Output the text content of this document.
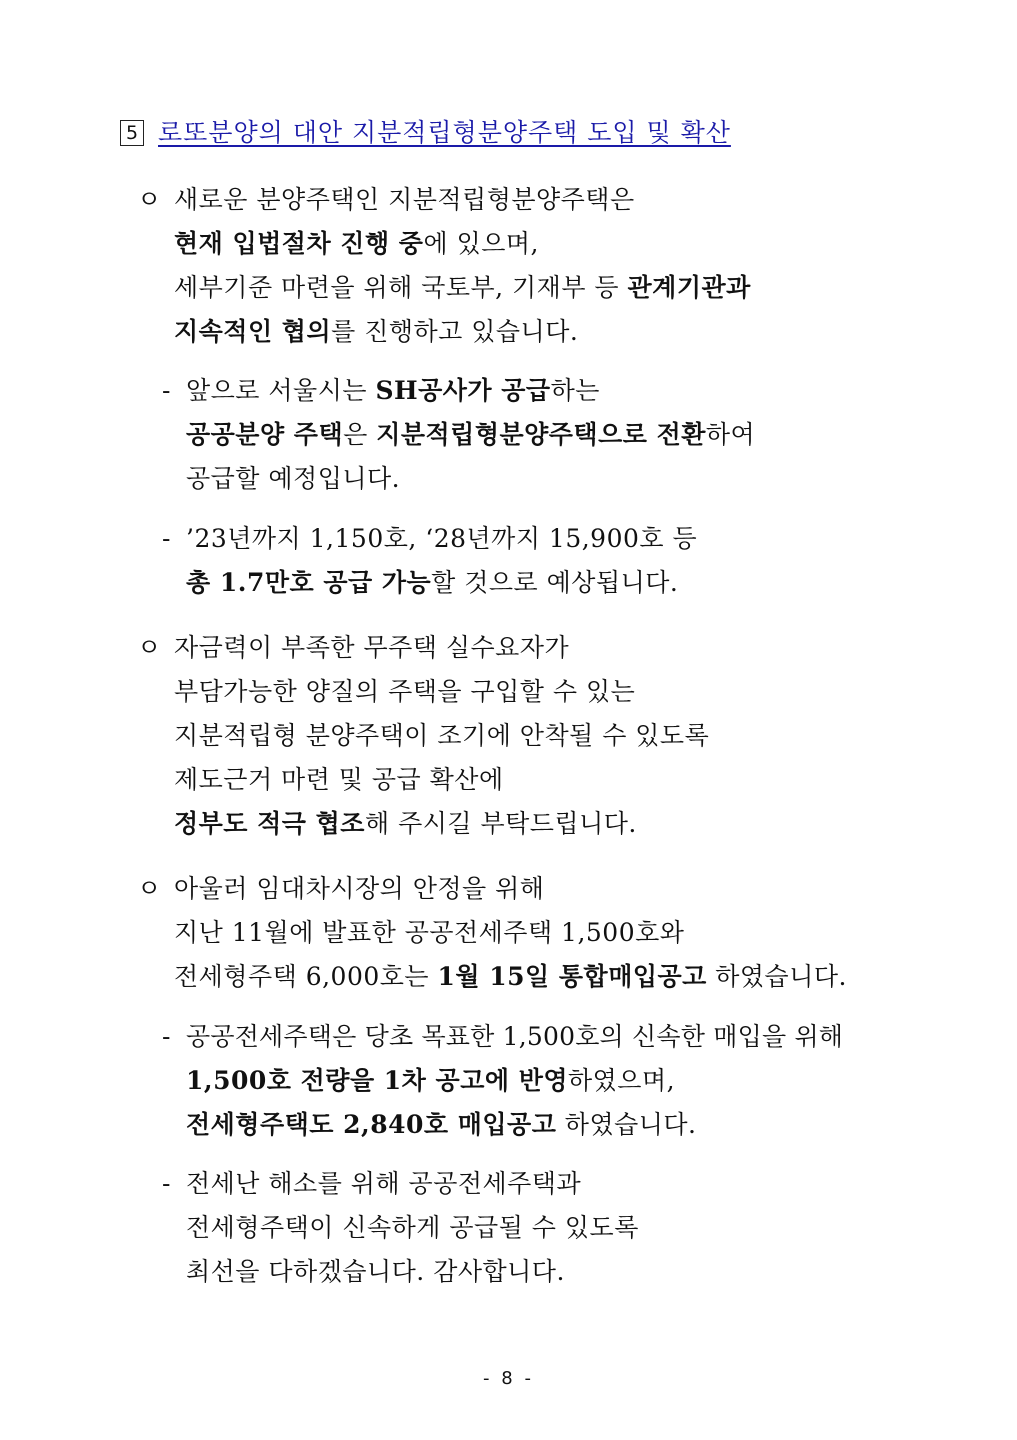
5 로또분양의 대안 지분적립형분양주택 도입 및 확산
ㅇ 새로운 분양주택인 지분적립형분양주택은
현재 입법절차 진행 중에 있으며,
세부기준 마련을 위해 국토부, 기재부 등 관계기관과
지속적인 협의를 진행하고 있습니다.
- 앞으로 서울시는 SH공사가 공급하는
공공분양 주택은 지분적립형분양주택으로 전환하여
공급할 예정입니다.
- ’23년까지 1,150호, ‘28년까지 15,900호 등
총 1.7만호 공급 가능할 것으로 예상됩니다.
ㅇ 자금력이 부족한 무주택 실수요자가
부담가능한 양질의 주택을 구입할 수 있는
지분적립형 분양주택이 조기에 안착될 수 있도록
제도근거 마련 및 공급 확산에
정부도 적극 협조해 주시길 부탁드립니다.
ㅇ 아울러 임대차시장의 안정을 위해
지난 11월에 발표한 공공전세주택 1,500호와
전세형주택 6,000호는 1월 15일 통합매입공고 하였습니다.
- 공공전세주택은 당초 목표한 1,500호의 신속한 매입을 위해
1,500호 전량을 1차 공고에 반영하였으며,
전세형주택도 2,840호 매입공고 하였습니다.
- 전세난 해소를 위해 공공전세주택과
전세형주택이 신속하게 공급될 수 있도록
최선을 다하겠습니다. 감사합니다.
- 8 -
